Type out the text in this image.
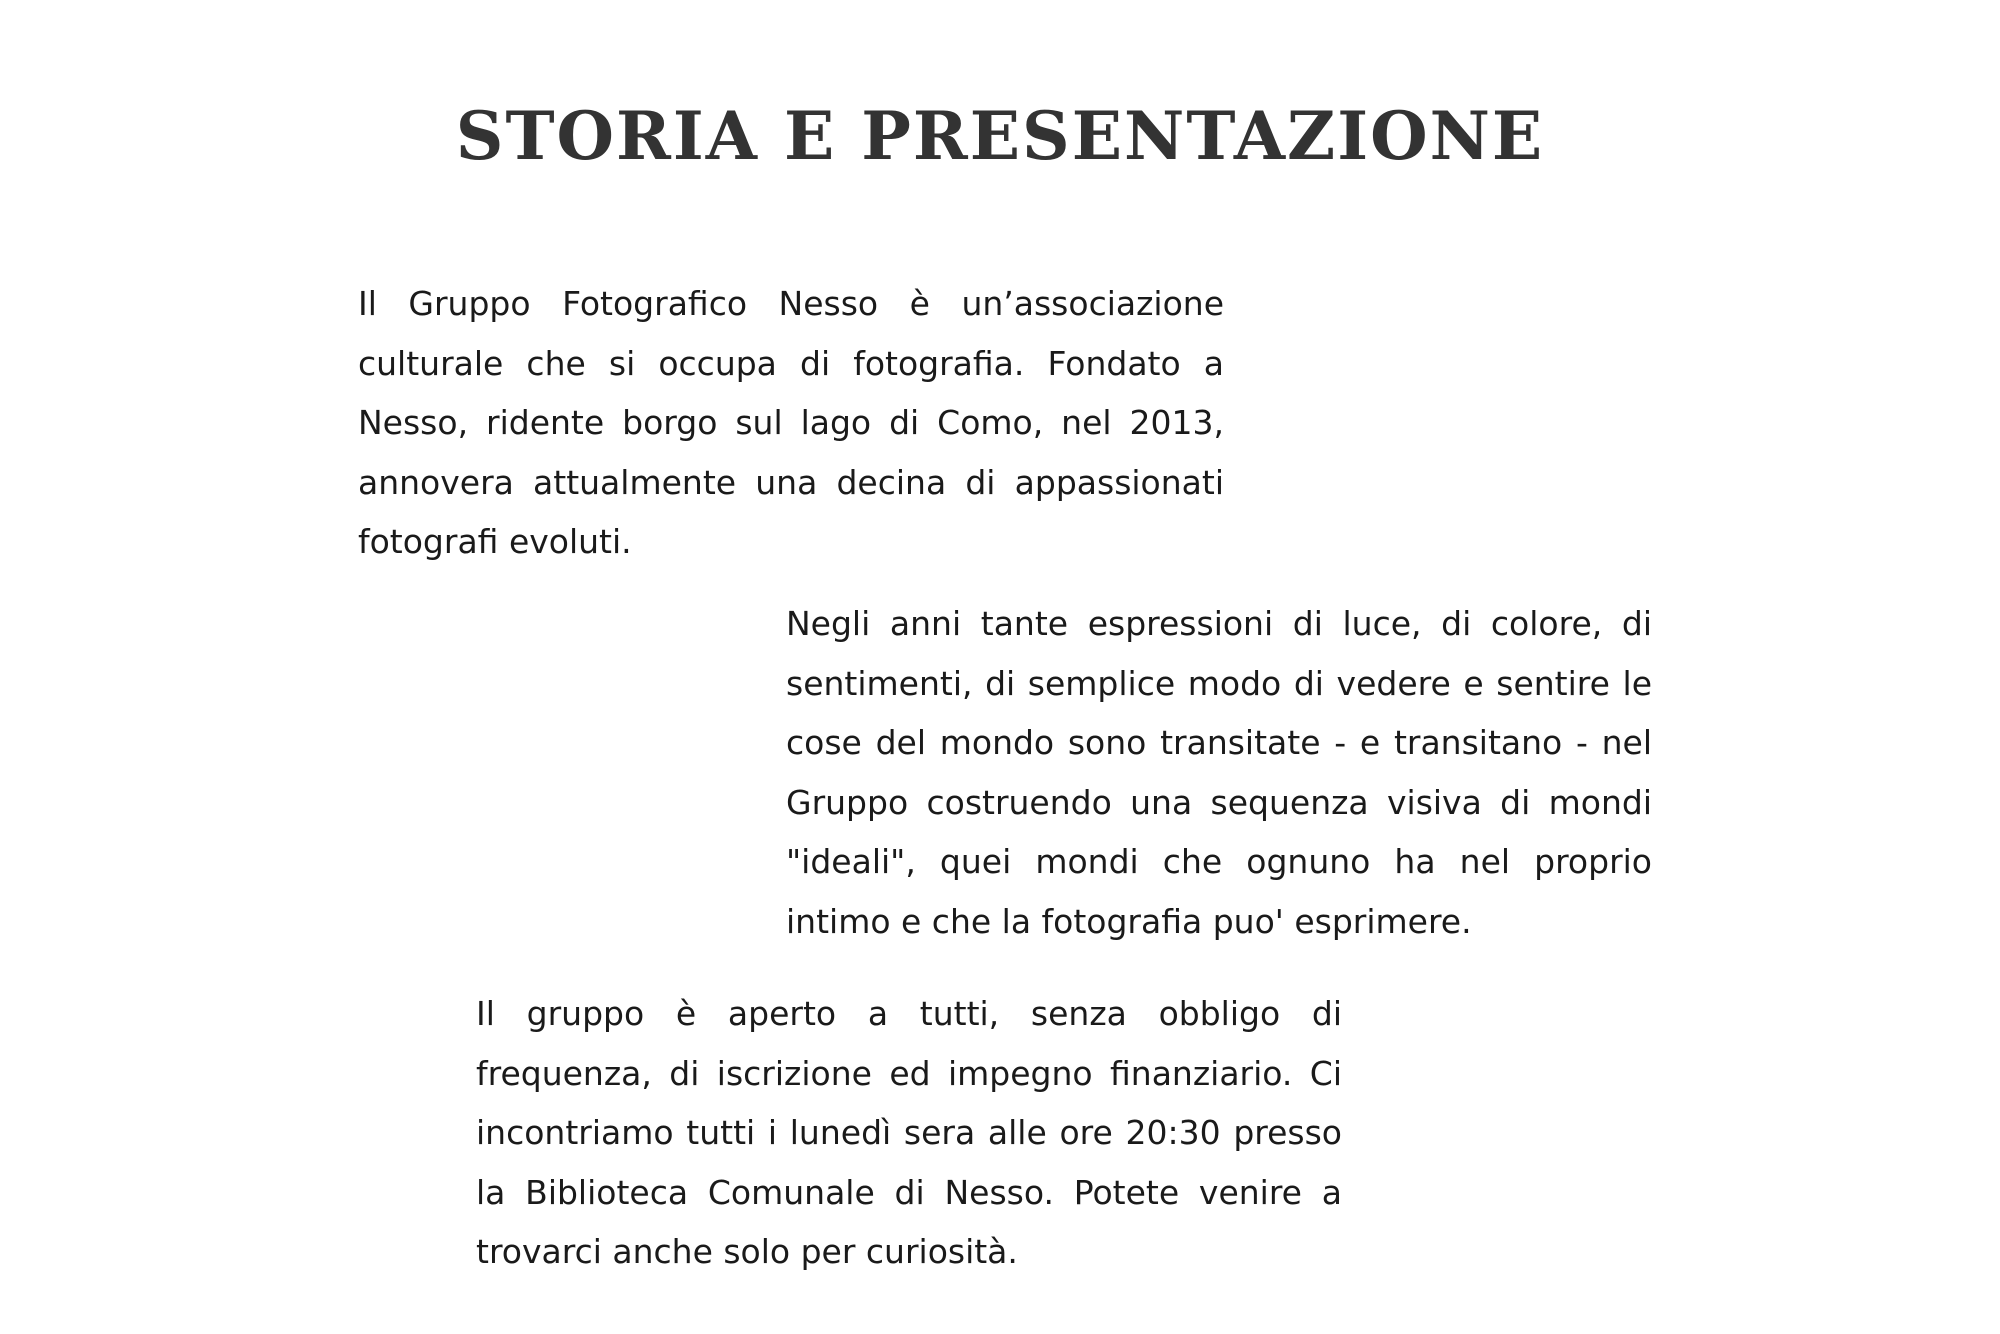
STORIA E PRESENTAZIONE

Il Gruppo Fotografico Nesso è un’associazione culturale che si occupa di fotografia. Fondato a Nesso, ridente borgo sul lago di Como, nel 2013, annovera attualmente una decina di appassionati fotografi evoluti.

Negli anni tante espressioni di luce, di colore, di sentimenti, di semplice modo di vedere e sentire le cose del mondo sono transitate - e transitano - nel Gruppo costruendo una sequenza visiva di mondi "ideali", quei mondi che ognuno ha nel proprio intimo e che la fotografia puo' esprimere.

Il gruppo è aperto a tutti, senza obbligo di frequenza, di iscrizione ed impegno finanziario. Ci incontriamo tutti i lunedì sera alle ore 20:30 presso la Biblioteca Comunale di Nesso. Potete venire a trovarci anche solo per curiosità.
